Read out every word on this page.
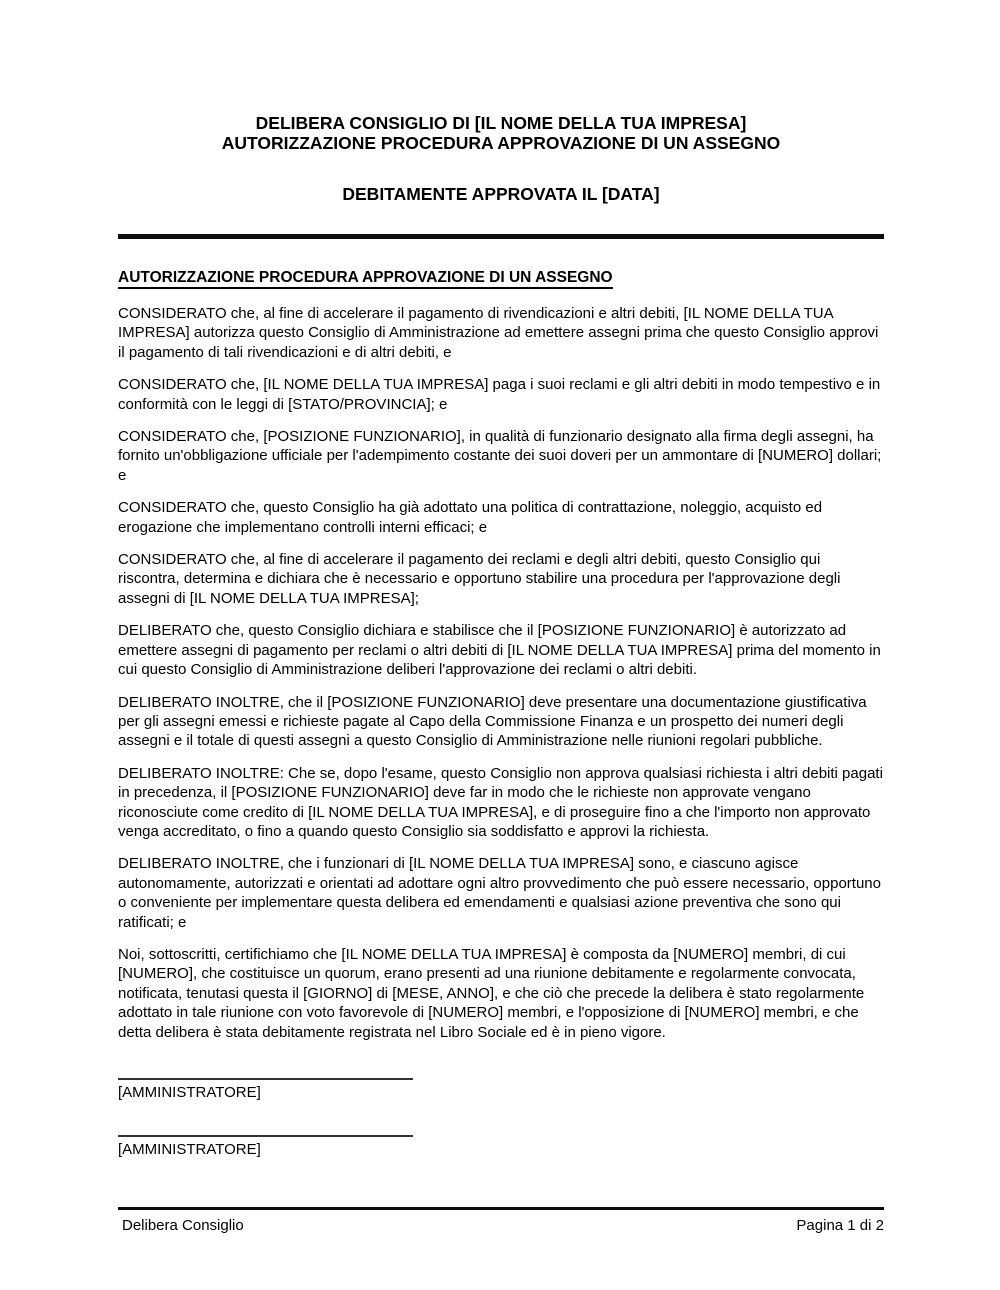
DELIBERA CONSIGLIO DI [IL NOME DELLA TUA IMPRESA]
AUTORIZZAZIONE PROCEDURA APPROVAZIONE DI UN ASSEGNO
DEBITAMENTE APPROVATA IL [DATA]
AUTORIZZAZIONE PROCEDURA APPROVAZIONE DI UN ASSEGNO

CONSIDERATO che, al fine di accelerare il pagamento di rivendicazioni e altri debiti, [IL NOME DELLA TUA IMPRESA] autorizza questo Consiglio di Amministrazione ad emettere assegni prima che questo Consiglio approvi il pagamento di tali rivendicazioni e di altri debiti, e

CONSIDERATO che, [IL NOME DELLA TUA IMPRESA] paga i suoi reclami e gli altri debiti in modo tempestivo e in conformità con le leggi di [STATO/PROVINCIA]; e

CONSIDERATO che, [POSIZIONE FUNZIONARIO], in qualità di funzionario designato alla firma degli assegni, ha fornito un'obbligazione ufficiale per l'adempimento costante dei suoi doveri per un ammontare di [NUMERO] dollari; e

CONSIDERATO che, questo Consiglio ha già adottato una politica di contrattazione, noleggio, acquisto ed erogazione che implementano controlli interni efficaci; e

CONSIDERATO che, al fine di accelerare il pagamento dei reclami e degli altri debiti, questo Consiglio qui riscontra, determina e dichiara che è necessario e opportuno stabilire una procedura per l'approvazione degli assegni di [IL NOME DELLA TUA IMPRESA];

DELIBERATO che, questo Consiglio dichiara e stabilisce che il [POSIZIONE FUNZIONARIO] è autorizzato ad emettere assegni di pagamento per reclami o altri debiti di [IL NOME DELLA TUA IMPRESA] prima del momento in cui questo Consiglio di Amministrazione deliberi l'approvazione dei reclami o altri debiti.

DELIBERATO INOLTRE, che il [POSIZIONE FUNZIONARIO] deve presentare una documentazione giustificativa per gli assegni emessi e richieste pagate al Capo della Commissione Finanza e un prospetto dei numeri degli assegni e il totale di questi assegni a questo Consiglio di Amministrazione nelle riunioni regolari pubbliche.

DELIBERATO INOLTRE: Che se, dopo l'esame, questo Consiglio non approva qualsiasi richiesta i altri debiti pagati in precedenza, il [POSIZIONE FUNZIONARIO] deve far in modo che le richieste non approvate vengano riconosciute come credito di [IL NOME DELLA TUA IMPRESA], e di proseguire fino a che l'importo non approvato venga accreditato, o fino a quando questo Consiglio sia soddisfatto e approvi la richiesta.

DELIBERATO INOLTRE, che i funzionari di [IL NOME DELLA TUA IMPRESA] sono, e ciascuno agisce autonomamente, autorizzati e orientati ad adottare ogni altro provvedimento che può essere necessario, opportuno o conveniente per implementare questa delibera ed emendamenti e qualsiasi azione preventiva che sono qui ratificati; e

Noi, sottoscritti, certifichiamo che [IL NOME DELLA TUA IMPRESA] è composta da [NUMERO] membri, di cui [NUMERO], che costituisce un quorum, erano presenti ad una riunione debitamente e regolarmente convocata, notificata, tenutasi questa il [GIORNO] di [MESE, ANNO], e che ciò che precede la delibera è stato regolarmente adottato in tale riunione con voto favorevole di [NUMERO] membri, e l'opposizione di [NUMERO] membri, e che detta delibera è stata debitamente registrata nel Libro Sociale ed è in pieno vigore.

[AMMINISTRATORE]
[AMMINISTRATORE]
Delibera Consiglio	Pagina 1 di 2
